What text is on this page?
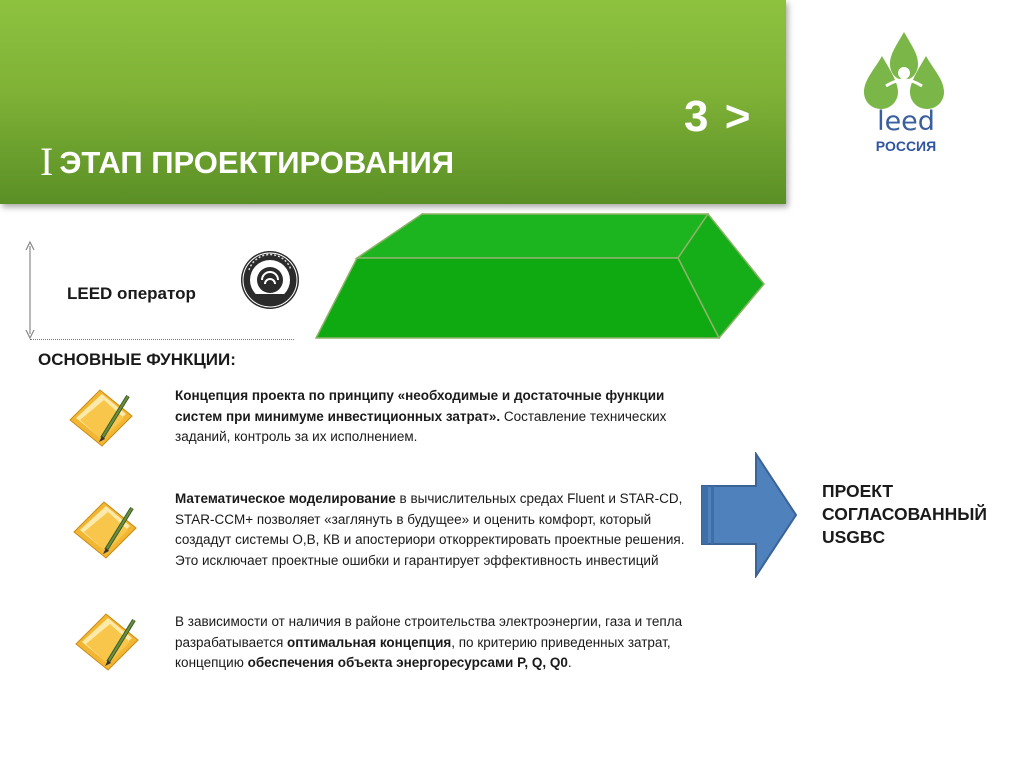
3 >
I ЭТАП ПРОЕКТИРОВАНИЯ
leed
РОССИЯ
LEED оператор
ОСНОВНЫЕ ФУНКЦИИ:
Концепция проекта по принципу «необходимые и достаточные функции систем при минимуме инвестиционных затрат». Составление технических заданий, контроль за их исполнением.
Математическое моделирование в вычислительных средах Fluent и STAR-CD, STAR-CCM+ позволяет «заглянуть в будущее» и оценить комфорт, который создадут системы О,В, КВ и апостериори откорректировать проектные решения. Это исключает проектные ошибки и гарантирует эффективность инвестиций
В зависимости от наличия в районе строительства электроэнергии, газа и тепла разрабатывается оптимальная концепция, по критерию приведенных затрат, концепцию обеспечения объекта энергоресурсами P, Q, Q0.
ПРОЕКТ
СОГЛАСОВАННЫЙ
USGBC
